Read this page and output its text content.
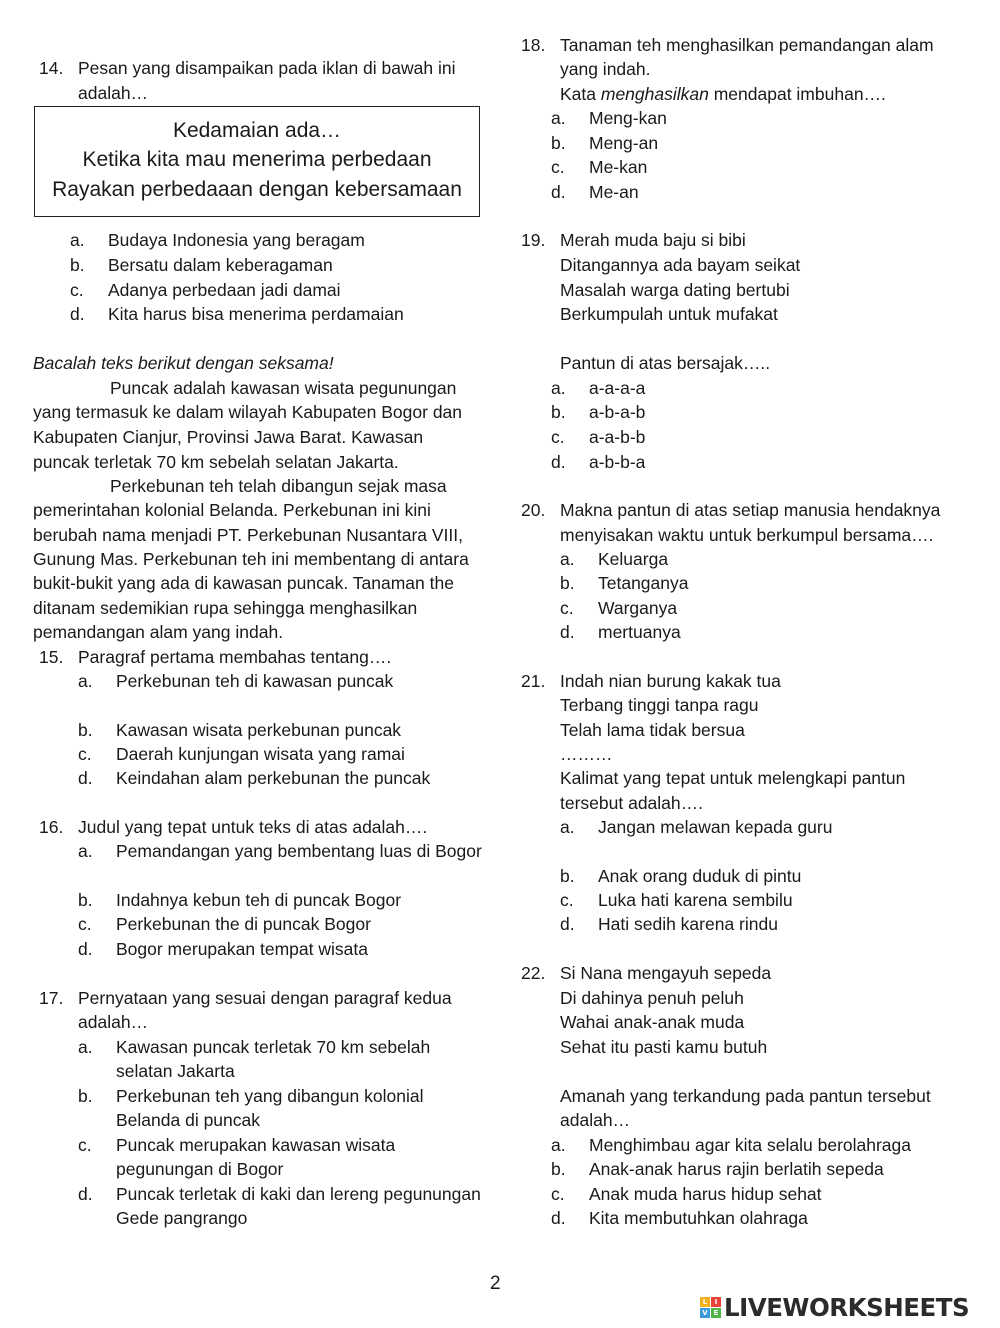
14. Pesan yang disampaikan pada iklan di bawah ini
adalah…
Kedamaian ada…
Ketika kita mau menerima perbedaan
Rayakan perbedaaan dengan kebersamaan
a. Budaya Indonesia yang beragam
b. Bersatu dalam keberagaman
c. Adanya perbedaan jadi damai
d. Kita harus bisa menerima perdamaian
Bacalah teks berikut dengan seksama!
Puncak adalah kawasan wisata pegunungan
yang termasuk ke dalam wilayah Kabupaten Bogor dan
Kabupaten Cianjur, Provinsi Jawa Barat. Kawasan
puncak terletak 70 km sebelah selatan Jakarta.
Perkebunan teh telah dibangun sejak masa
pemerintahan kolonial Belanda. Perkebunan ini kini
berubah nama menjadi PT. Perkebunan Nusantara VIII,
Gunung Mas. Perkebunan teh ini membentang di antara
bukit-bukit yang ada di kawasan puncak. Tanaman the
ditanam sedemikian rupa sehingga menghasilkan
pemandangan alam yang indah.
15. Paragraf pertama membahas tentang….
a. Perkebunan teh di kawasan puncak
b. Kawasan wisata perkebunan puncak
c. Daerah kunjungan wisata yang ramai
d. Keindahan alam perkebunan the puncak
16. Judul yang tepat untuk teks di atas adalah….
a. Pemandangan yang bembentang luas di Bogor
b. Indahnya kebun teh di puncak Bogor
c. Perkebunan the di puncak Bogor
d. Bogor merupakan tempat wisata
17. Pernyataan yang sesuai dengan paragraf kedua
adalah…
a. Kawasan puncak terletak 70 km sebelah
selatan Jakarta
b. Perkebunan teh yang dibangun kolonial
Belanda di puncak
c. Puncak merupakan kawasan wisata
pegunungan di Bogor
d. Puncak terletak di kaki dan lereng pegunungan
Gede pangrango
18. Tanaman teh menghasilkan pemandangan alam
yang indah.
Kata menghasilkan mendapat imbuhan….
a. Meng-kan
b. Meng-an
c. Me-kan
d. Me-an
19. Merah muda baju si bibi
Ditangannya ada bayam seikat
Masalah warga dating bertubi
Berkumpulah untuk mufakat
Pantun di atas bersajak…..
a. a-a-a-a
b. a-b-a-b
c. a-a-b-b
d. a-b-b-a
20. Makna pantun di atas setiap manusia hendaknya
menyisakan waktu untuk berkumpul bersama….
a. Keluarga
b. Tetanganya
c. Warganya
d. mertuanya
21. Indah nian burung kakak tua
Terbang tinggi tanpa ragu
Telah lama tidak bersua
………
Kalimat yang tepat untuk melengkapi pantun
tersebut adalah….
a. Jangan melawan kepada guru
b. Anak orang duduk di pintu
c. Luka hati karena sembilu
d. Hati sedih karena rindu
22. Si Nana mengayuh sepeda
Di dahinya penuh peluh
Wahai anak-anak muda
Sehat itu pasti kamu butuh
Amanah yang terkandung pada pantun tersebut
adalah…
a. Menghimbau agar kita selalu berolahraga
b. Anak-anak harus rajin berlatih sepeda
c. Anak muda harus hidup sehat
d. Kita membutuhkan olahraga
2
L	I
V E LIVEWORKSHEETS
